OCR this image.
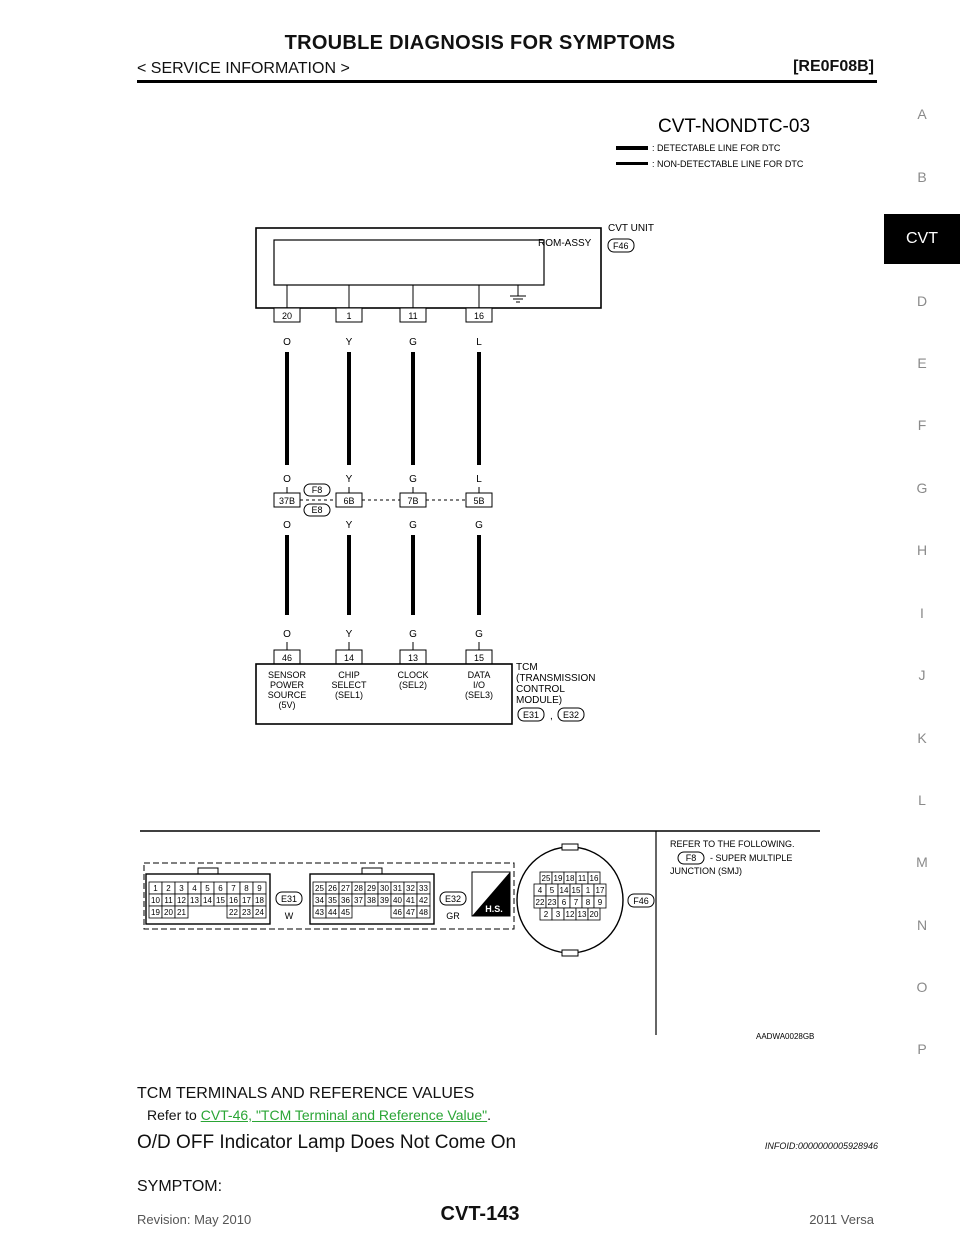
TROUBLE DIAGNOSIS FOR SYMPTOMS
< SERVICE INFORMATION >	[RE0F08B]
A
B
CVT
D
E
F
G
H
I
J
K
L
M
N
O
P
CVT-NONDTC-03
: DETECTABLE LINE FOR DTC
: NON-DETECTABLE LINE FOR DTC
ROM-ASSY
CVT UNIT
F46
20
O
O
37B
O
O
46
1
Y
Y
6B
Y
Y
14
11
G
G
7B
G
G
13
16
L
L
5B
G
G
15
F8
E8
SENSOR POWER SOURCE (5V)
CHIP SELECT (SEL1)
CLOCK (SEL2)
DATA I/O (SEL3)
TCM (TRANSMISSION CONTROL MODULE)
E31 , E32
1 2 3 4 5 6 7 8 9
10 11 12 13 14 15 16 17 18
19 20 21	22 23 24
E31
W
25 26 27 28 29 30 31 32 33
34 35 36 37 38 39 40 41 42
43 44 45	46 47 48
E32
GR
H.S.
25 19 18 11 16
4 5 14 15 1 17
22 23 6 7 8 9
2 3 12 13 20
F46
REFER TO THE FOLLOWING.
F8 - SUPER MULTIPLE
JUNCTION (SMJ)
AADWA0028GB
TCM TERMINALS AND REFERENCE VALUES
Refer to CVT-46, "TCM Terminal and Reference Value".
O/D OFF Indicator Lamp Does Not Come On	INFOID:0000000005928946
SYMPTOM:
Revision: May 2010	CVT-143	2011 Versa
